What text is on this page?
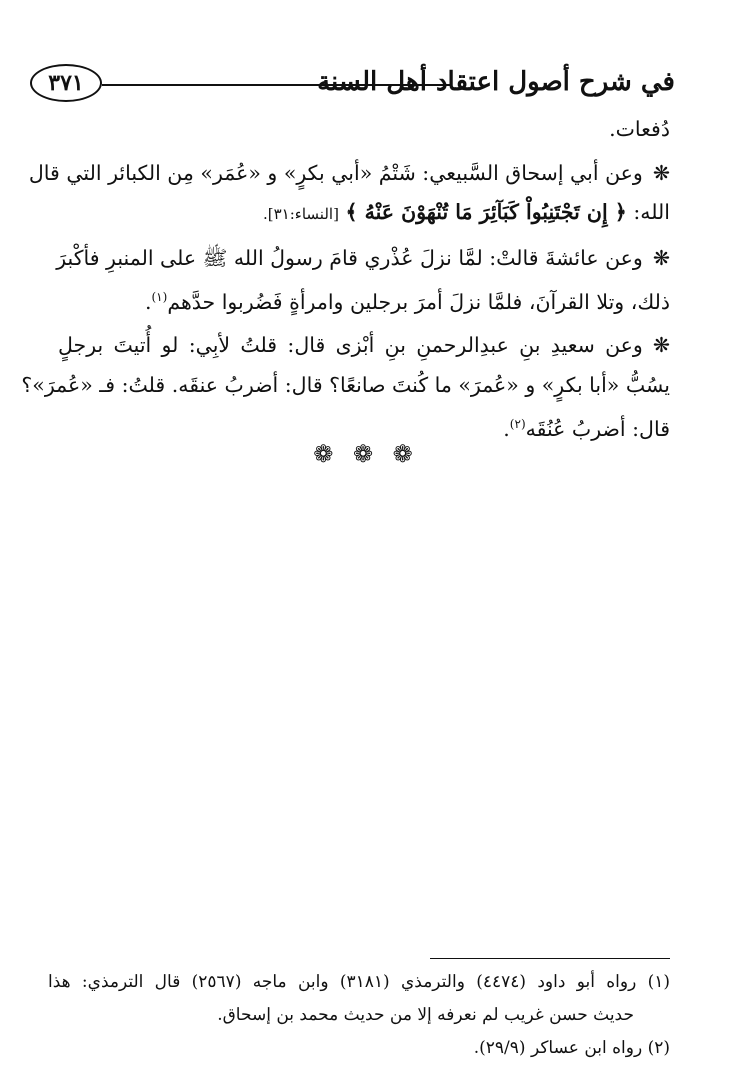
في شرح أصول اعتقاد أهل السنة
٣٧١

دُفعات.

❋وعن أبي إسحاق السَّبيعي: شَتْمُ «أبي بكرٍ» و «عُمَر» مِن الكبائر التي قال
الله: ﴿ إِن تَجْتَنِبُواْ كَبَآئِرَ مَا تُنْهَوْنَ عَنْهُ ﴾ [النساء:٣١].

❋وعن عائشةَ قالتْ: لمَّا نزلَ عُذْري قامَ رسولُ الله ﷺ على المنبرِ فأكْبرَ
ذلك، وتلا القرآنَ، فلمَّا نزلَ أمرَ برجلين وامرأةٍ فَضُربوا حدَّهم$^{(١)}$.

❋وعن سعيدِ بنِ عبدِالرحمنِ بنِ أبْزى قال: قلتُ لأبِي: لو أُتيتَ برجلٍ
يسُبُّ «أبا بكرٍ» و «عُمرَ» ما كُنتَ صانعًا؟ قال: أضربُ عنقَه. قلتُ: فـ «عُمرَ»؟
قال: أضربُ عُنُقَه$^{(٢)}$.

❁ ❁ ❁
(١) رواه أبو داود (٤٤٧٤) والترمذي (٣١٨١) وابن ماجه (٢٥٦٧) قال الترمذي: هذا
حديث حسن غريب لم نعرفه إلا من حديث محمد بن إسحاق.
(٢) رواه ابن عساكر (٢٩/٩).
